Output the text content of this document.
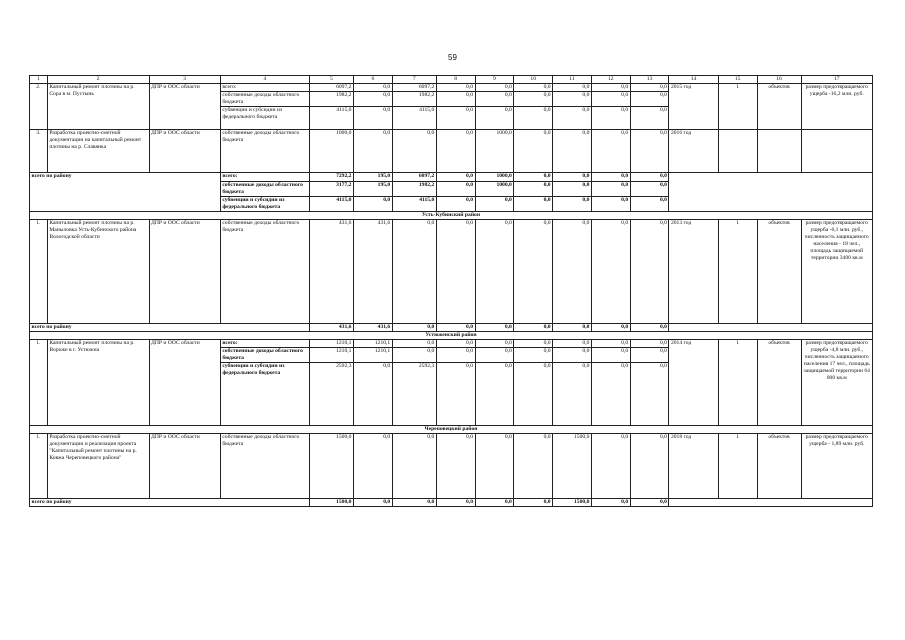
59
1	2	3	4	5	6	7	8	9	10	11	12	13	14	15	16	17
2.	Капитальный ремонт плотины на р. Сора в м. Пустынь	ДПР и ООС области	всего:	6097,2	0,0	6097,2	0,0	0,0	0,0	0,0	0,0	0,0	2015 год	1	объектов	размер предотвращаемого ущерба -16,2 млн. руб.
			собственные доходы областного бюджета	1982,2	0,0	1982,2	0,0	0,0	0,0	0,0	0,0	0,0				
			субвенции и субсидии из федерального бюджета	4115,0	0,0	4115,0	0,0	0,0	0,0	0,0	0,0	0,0				
3.	Разработка проектно-сметной документации на капитальный ремонт плотины на р. Славянка	ДПР и ООС области	собственные доходы областного бюджета	1000,0	0,0	0,0	0,0	1000,0	0,0	0,0	0,0	0,0	2016 год			
всего по району			всего:	7292,2	195,0	6097,2	0,0	1000,0	0,0	0,0	0,0	0,0				
			собственные доходы областного бюджета	3177,2	195,0	1982,2	0,0	1000,0	0,0	0,0	0,0	0,0				
			субвенции и субсидии из федерального бюджета	4115,0	0,0	4115,0	0,0	0,0	0,0	0,0	0,0	0,0				
Усть-Кубинский район																
1.	Капитальный ремонт плотины на р. Маныловка Усть-Кубинского района Вологодской области	ДПР и ООС области	собственные доходы областного бюджета	431,6	431,6	0,0	0,0	0,0	0,0	0,0	0,0	0,0	2013 год	1	объектов	размер предотвращаемого ущерба -6,1 млн. руб., численность защищаемого населения - 18 чел., площадь защищаемой территории 3400 кв.м
всего по району				431,6	431,6	0,0	0,0	0,0	0,0	0,0	0,0	0,0				
Устюженский район																
1.	Капитальный ремонт плотины на р. Вороже в г. Устюжна	ДПР и ООС области	всего:	1210,1	1210,1	0,0	0,0	0,0	0,0	0,0	0,0	0,0	2014 год	1	объектов	размер предотвращаемого ущерба -4,8 млн. руб., численность защищаемого населения 17 чел., площадь защищаемой территории 64 000 кв.м
			собственные доходы областного бюджета	1210,1	1210,1	0,0	0,0	0,0	0,0	0,0	0,0	0,0				
			субвенции и субсидии из федерального бюджета	2592,3	0,0	2592,3	0,0	0,0	0,0	0,0	0,0	0,0				
Череповецкий район																
1.	Разработка проектно-сметной документации и реализация проекта "Капитальный ремонт плотины на р. Ковжа Череповецкого района"	ДПР и ООС области	собственные доходы областного бюджета	1500,0	0,0	0,0	0,0	0,0	0,0	1500,0	0,0	0,0	2018 год	1	объектов	размер предотвращаемого ущерба - 1,89 млн. руб.
всего по району				1500,0	0,0	0,0	0,0	0,0	0,0	1500,0	0,0	0,0				
